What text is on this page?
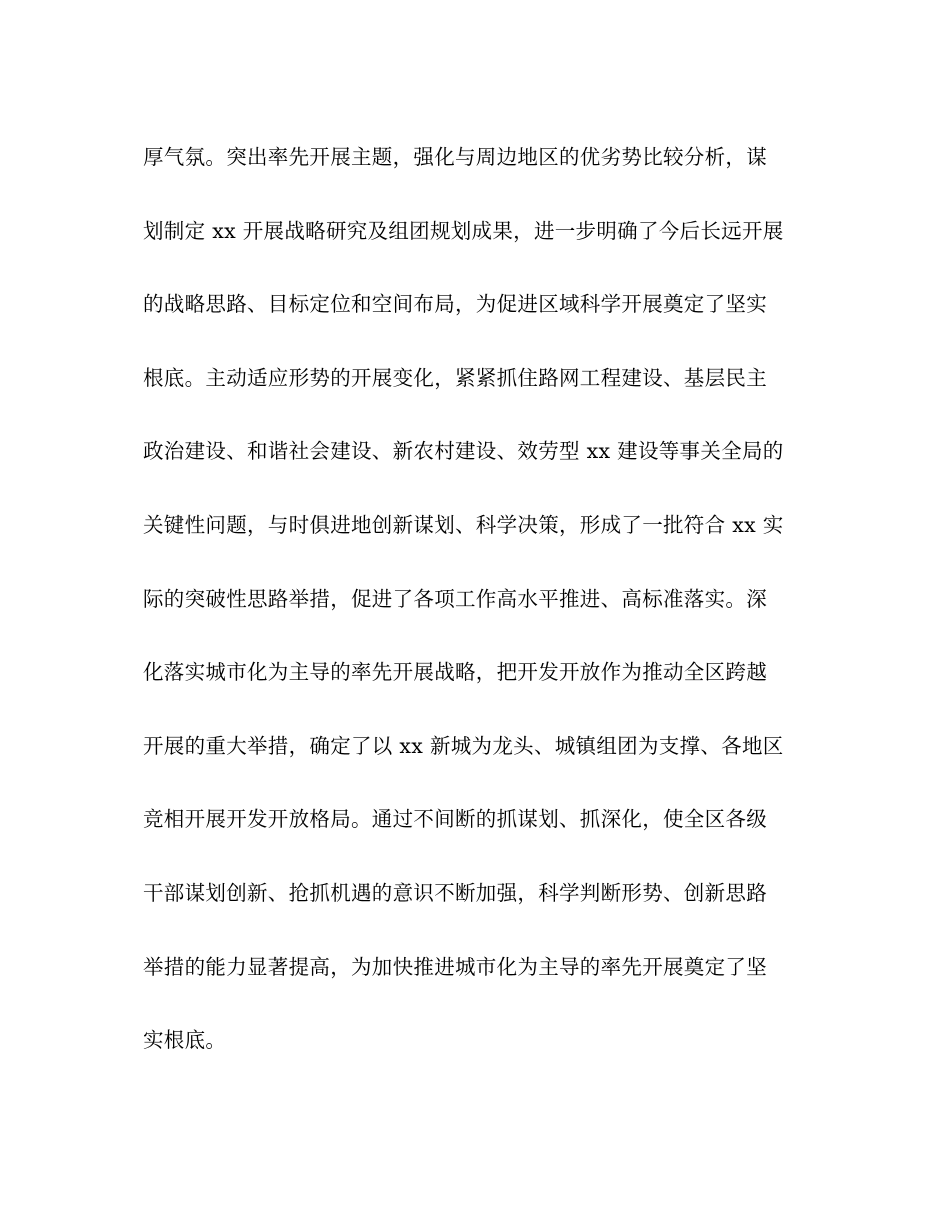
厚气氛。突出率先开展主题，强化与周边地区的优劣势比较分析，谋
划制定 xx 开展战略研究及组团规划成果，进一步明确了今后长远开展
的战略思路、目标定位和空间布局，为促进区域科学开展奠定了坚实
根底。主动适应形势的开展变化，紧紧抓住路网工程建设、基层民主
政治建设、和谐社会建设、新农村建设、效劳型 xx 建设等事关全局的
关键性问题，与时俱进地创新谋划、科学决策，形成了一批符合 xx 实
际的突破性思路举措，促进了各项工作高水平推进、高标准落实。深
化落实城市化为主导的率先开展战略，把开发开放作为推动全区跨越
开展的重大举措，确定了以 xx 新城为龙头、城镇组团为支撑、各地区
竞相开展开发开放格局。通过不间断的抓谋划、抓深化，使全区各级
干部谋划创新、抢抓机遇的意识不断加强，科学判断形势、创新思路
举措的能力显著提高，为加快推进城市化为主导的率先开展奠定了坚
实根底。
